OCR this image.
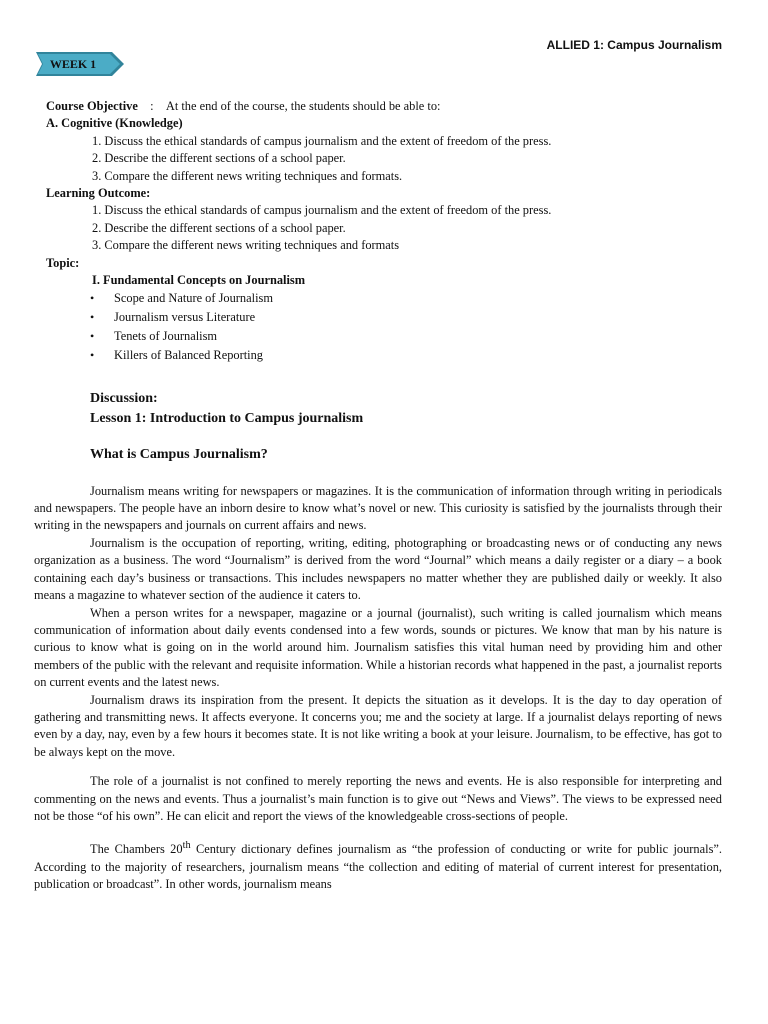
ALLIED 1: Campus Journalism
WEEK 1
Course Objective : At the end of the course, the students should be able to:
A. Cognitive (Knowledge)
1. Discuss the ethical standards of campus journalism and the extent of freedom of the press.
2. Describe the different sections of a school paper.
3. Compare the different news writing techniques and formats.
Learning Outcome:
1. Discuss the ethical standards of campus journalism and the extent of freedom of the press.
2. Describe the different sections of a school paper.
3. Compare the different news writing techniques and formats
Topic:
I. Fundamental Concepts on Journalism
• Scope and Nature of Journalism
• Journalism versus Literature
• Tenets of Journalism
• Killers of Balanced Reporting
Discussion:
Lesson 1: Introduction to Campus journalism
What is Campus Journalism?

Journalism means writing for newspapers or magazines. It is the communication of information through writing in periodicals and newspapers. The people have an inborn desire to know what’s novel or new. This curiosity is satisfied by the journalists through their writing in the newspapers and journals on current affairs and news.

Journalism is the occupation of reporting, writing, editing, photographing or broadcasting news or of conducting any news organization as a business. The word “Journalism” is derived from the word “Journal” which means a daily register or a diary – a book containing each day’s business or transactions. This includes newspapers no matter whether they are published daily or weekly. It also means a magazine to whatever section of the audience it caters to.

When a person writes for a newspaper, magazine or a journal (journalist), such writing is called journalism which means communication of information about daily events condensed into a few words, sounds or pictures. We know that man by his nature is curious to know what is going on in the world around him. Journalism satisfies this vital human need by providing him and other members of the public with the relevant and requisite information. While a historian records what happened in the past, a journalist reports on current events and the latest news.

Journalism draws its inspiration from the present. It depicts the situation as it develops. It is the day to day operation of gathering and transmitting news. It affects everyone. It concerns you; me and the society at large. If a journalist delays reporting of news even by a day, nay, even by a few hours it becomes state. It is not like writing a book at your leisure. Journalism, to be effective, has got to be always kept on the move.

The role of a journalist is not confined to merely reporting the news and events. He is also responsible for interpreting and commenting on the news and events. Thus a journalist’s main function is to give out “News and Views”. The views to be expressed need not be those “of his own”. He can elicit and report the views of the knowledgeable cross-sections of people.

The Chambers 20th Century dictionary defines journalism as “the profession of conducting or write for public journals”. According to the majority of researchers, journalism means “the collection and editing of material of current interest for presentation, publication or broadcast”. In other words, journalism means
